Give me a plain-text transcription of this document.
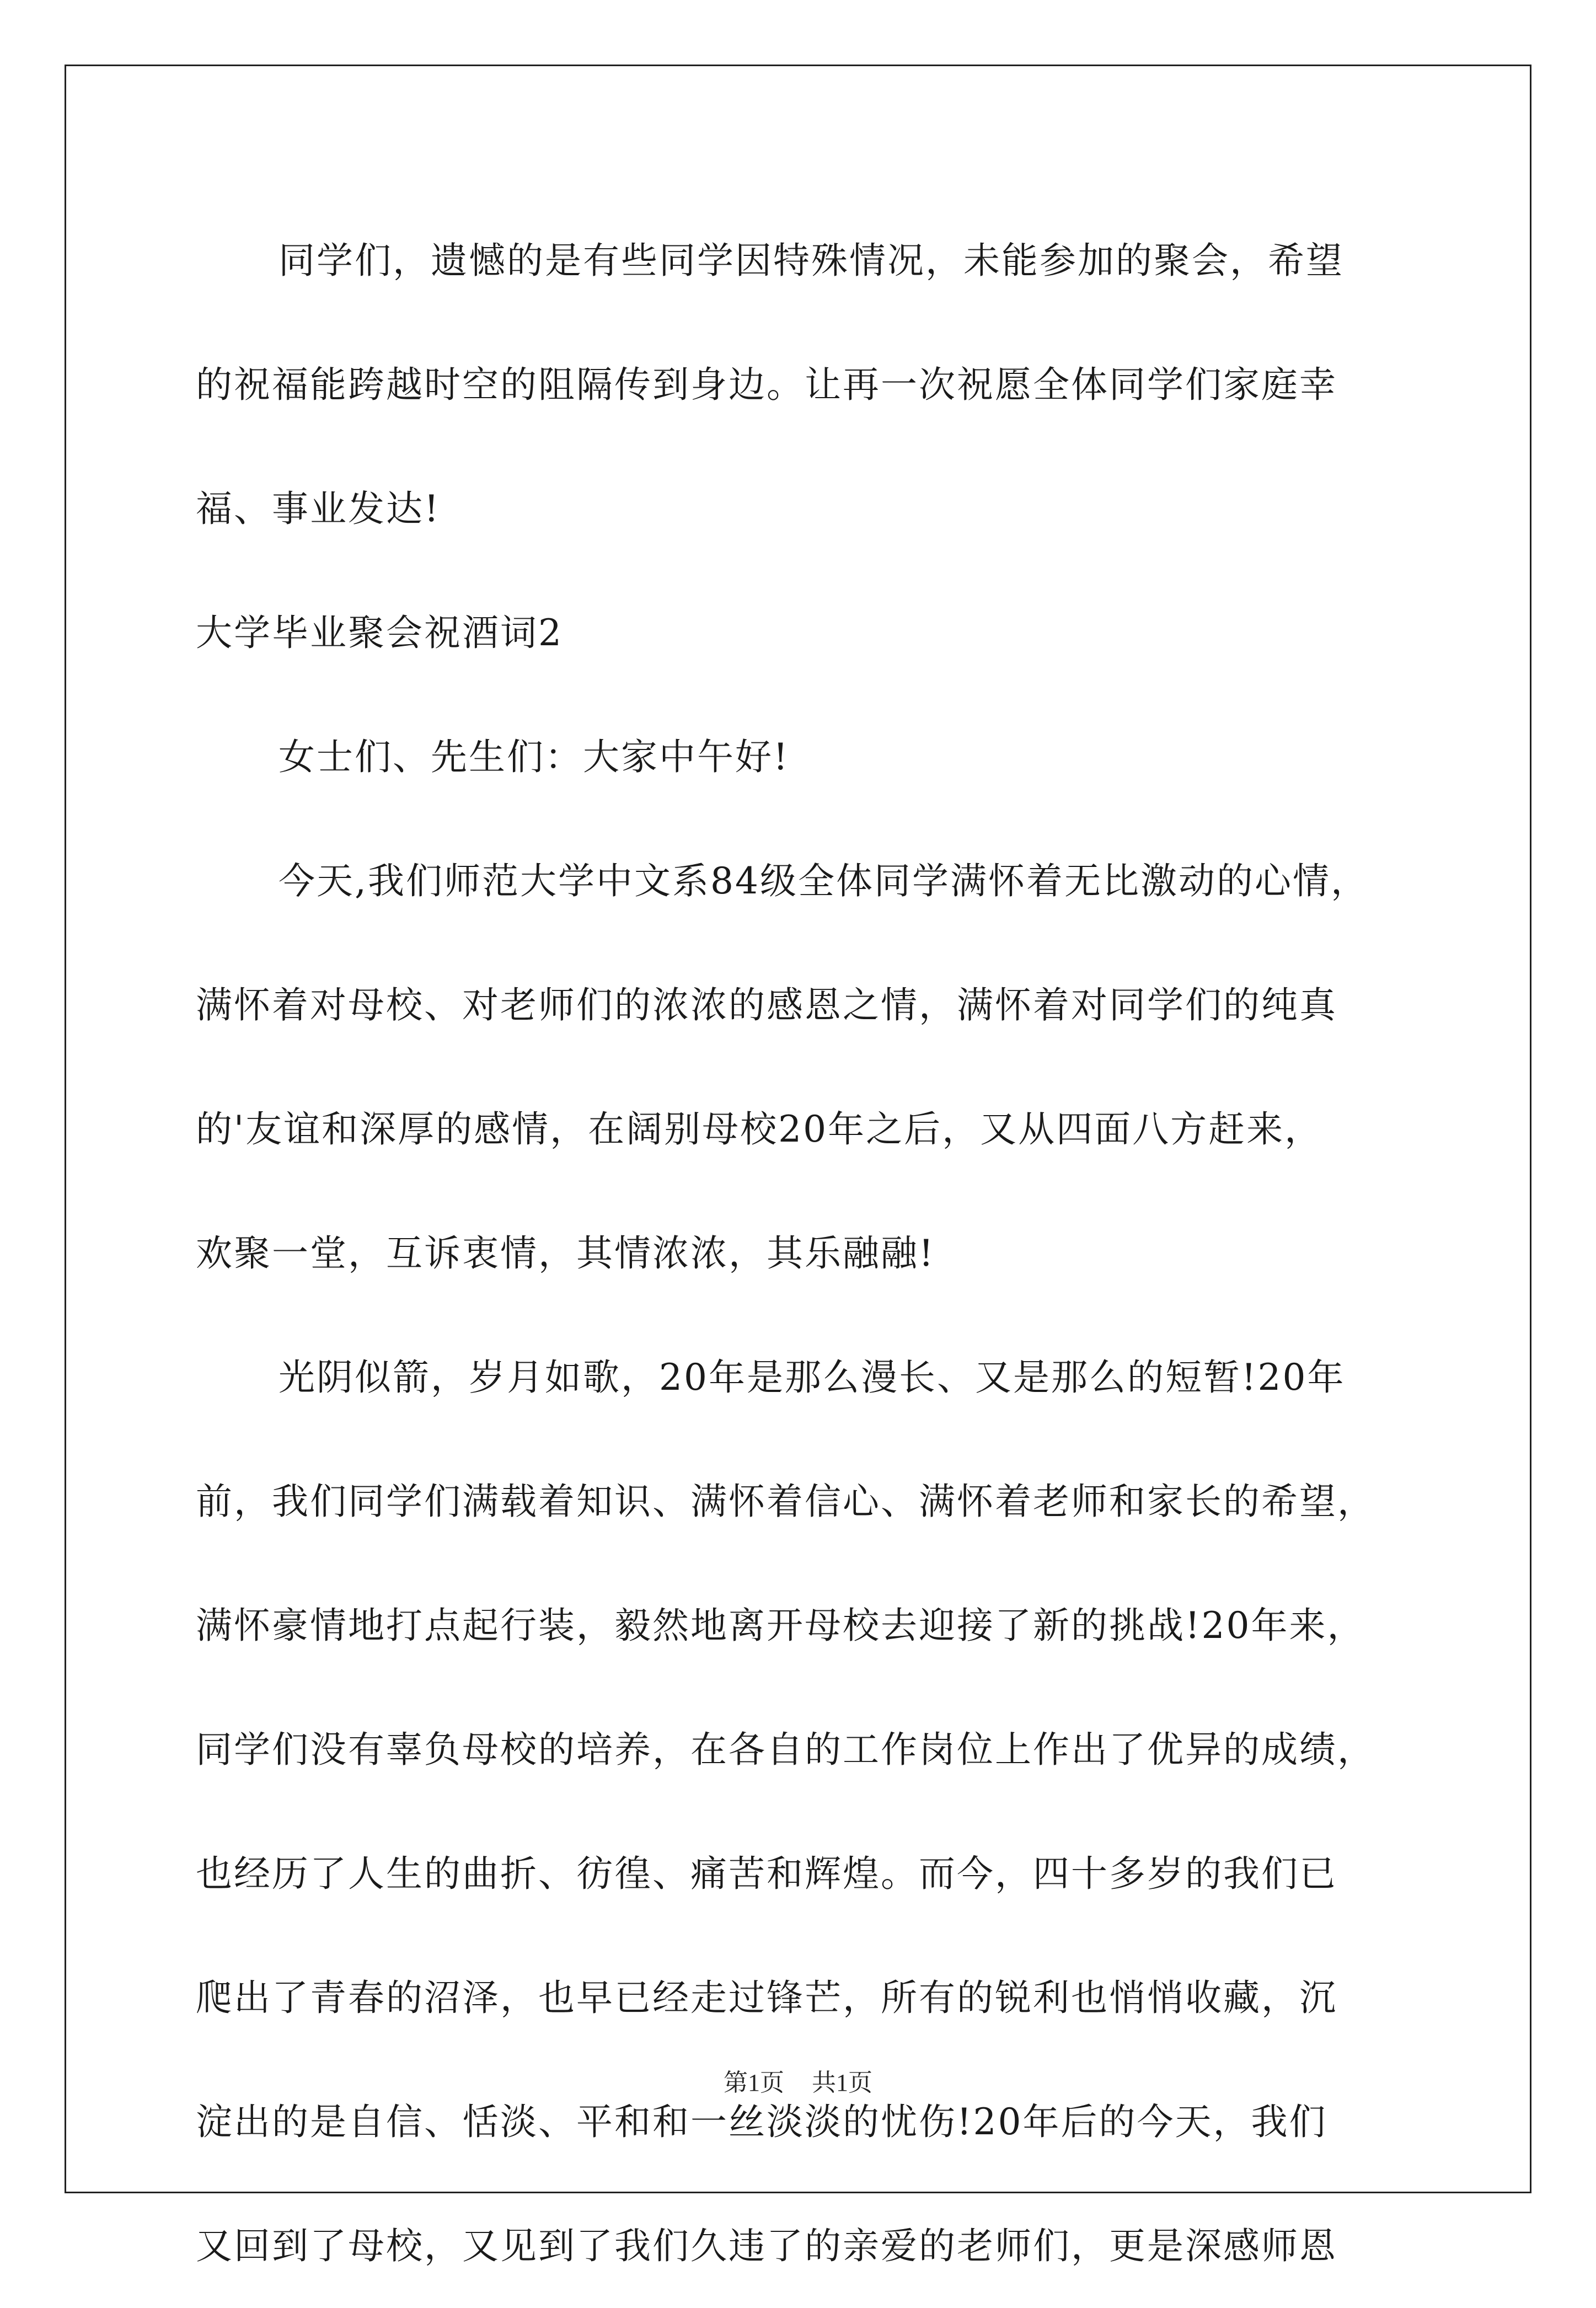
同学们，遗憾的是有些同学因特殊情况，未能参加的聚会，希望
的祝福能跨越时空的阻隔传到身边。让再一次祝愿全体同学们家庭幸
福、事业发达!
大学毕业聚会祝酒词2
女士们、先生们：大家中午好!
今天,我们师范大学中文系84级全体同学满怀着无比激动的心情，
满怀着对母校、对老师们的浓浓的感恩之情，满怀着对同学们的纯真
的'友谊和深厚的感情，在阔别母校20年之后，又从四面八方赶来，
欢聚一堂，互诉衷情，其情浓浓，其乐融融!
光阴似箭，岁月如歌，20年是那么漫长、又是那么的短暂!20年
前，我们同学们满载着知识、满怀着信心、满怀着老师和家长的希望，
满怀豪情地打点起行装，毅然地离开母校去迎接了新的挑战!20年来，
同学们没有辜负母校的培养，在各自的工作岗位上作出了优异的成绩，
也经历了人生的曲折、彷徨、痛苦和辉煌。而今，四十多岁的我们已
爬出了青春的沼泽，也早已经走过锋芒，所有的锐利也悄悄收藏，沉
淀出的是自信、恬淡、平和和一丝淡淡的忧伤!20年后的今天，我们
又回到了母校，又见到了我们久违了的亲爱的老师们，更是深感师恩
第1页 共1页
